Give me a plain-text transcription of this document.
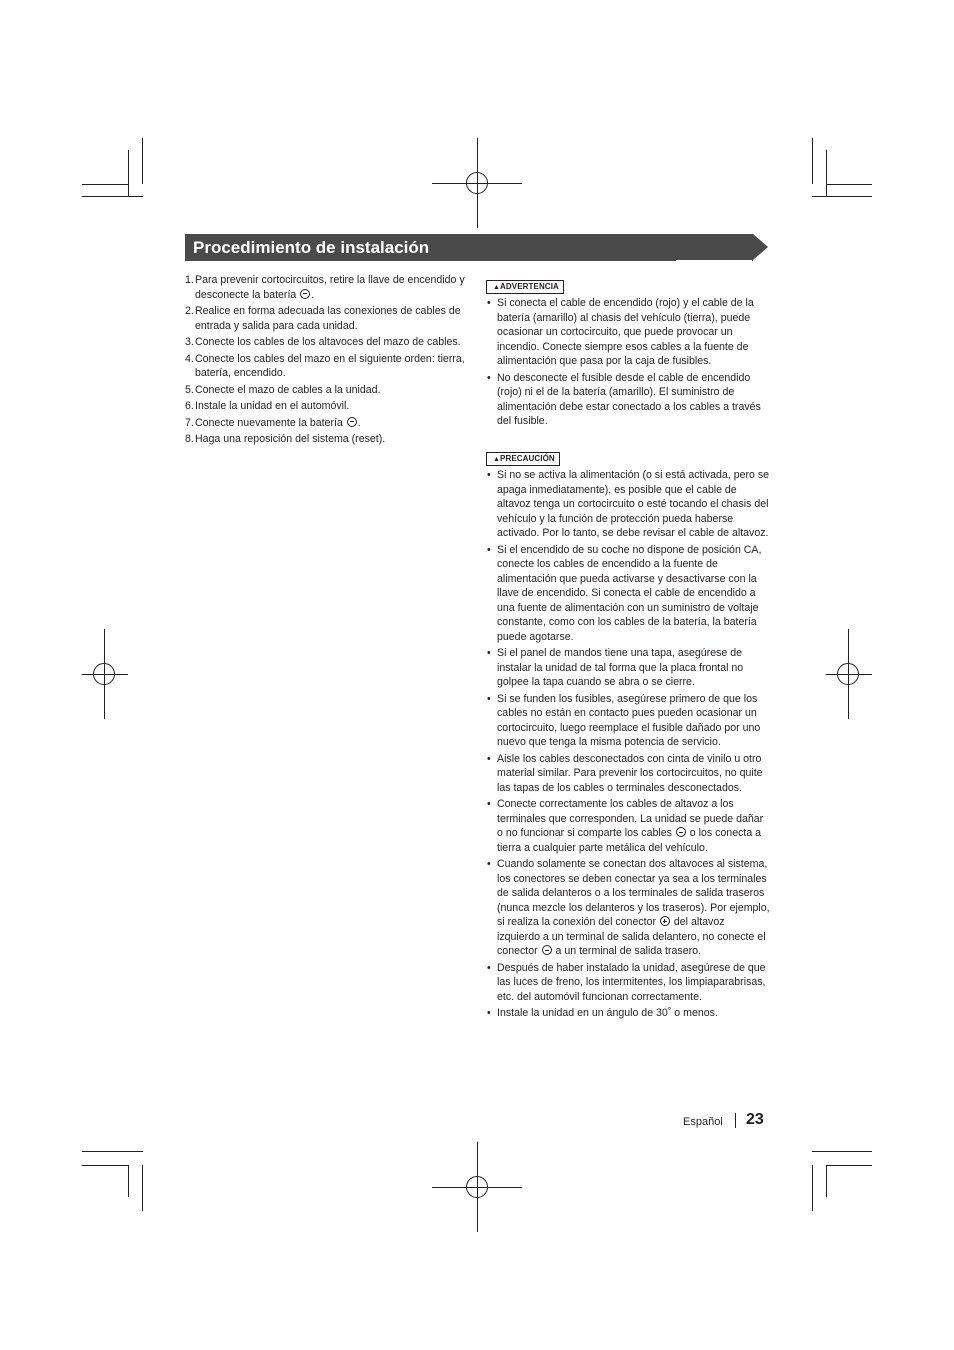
Procedimiento de instalación
1. Para prevenir cortocircuitos, retire la llave de encendido y desconecte la batería .
2. Realice en forma adecuada las conexiones de cables de entrada y salida para cada unidad.
3. Conecte los cables de los altavoces del mazo de cables.
4. Conecte los cables del mazo en el siguiente orden: tierra, batería, encendido.
5. Conecte el mazo de cables a la unidad.
6. Instale la unidad en el automóvil.
7. Conecte nuevamente la batería .
8. Haga una reposición del sistema (reset).
▲ADVERTENCIA
• Si conecta el cable de encendido (rojo) y el cable de la batería (amarillo) al chasis del vehículo (tierra), puede ocasionar un cortocircuito, que puede provocar un incendio. Conecte siempre esos cables a la fuente de alimentación que pasa por la caja de fusibles.
• No desconecte el fusible desde el cable de encendido (rojo) ni el de la batería (amarillo). El suministro de alimentación debe estar conectado a los cables a través del fusible.
▲PRECAUCIÓN
• Si no se activa la alimentación (o si está activada, pero se apaga inmediatamente), es posible que el cable de altavoz tenga un cortocircuito o esté tocando el chasis del vehículo y la función de protección pueda haberse activado. Por lo tanto, se debe revisar el cable de altavoz.
• Si el encendido de su coche no dispone de posición CA, conecte los cables de encendido a la fuente de alimentación que pueda activarse y desactivarse con la llave de encendido. Si conecta el cable de encendido a una fuente de alimentación con un suministro de voltaje constante, como con los cables de la batería, la batería puede agotarse.
• Si el panel de mandos tiene una tapa, asegúrese de instalar la unidad de tal forma que la placa frontal no golpee la tapa cuando se abra o se cierre.
• Si se funden los fusibles, asegúrese primero de que los cables no están en contacto pues pueden ocasionar un cortocircuito, luego reemplace el fusible dañado por uno nuevo que tenga la misma potencia de servicio.
• Aisle los cables desconectados con cinta de vinilo u otro material similar. Para prevenir los cortocircuitos, no quite las tapas de los cables o terminales desconectados.
• Conecte correctamente los cables de altavoz a los terminales que corresponden. La unidad se puede dañar o no funcionar si comparte los cables  o los conecta a tierra a cualquier parte metálica del vehículo.
• Cuando solamente se conectan dos altavoces al sistema, los conectores se deben conectar ya sea a los terminales de salida delanteros o a los terminales de salida traseros (nunca mezcle los delanteros y los traseros). Por ejemplo, si realiza la conexión del conector  del altavoz izquierdo a un terminal de salida delantero, no conecte el conector  a un terminal de salida trasero.
• Después de haber instalado la unidad, asegúrese de que las luces de freno, los intermitentes, los limpiaparabrisas, etc. del automóvil funcionan correctamente.
• Instale la unidad en un ángulo de 30˚ o menos.
Español 23
